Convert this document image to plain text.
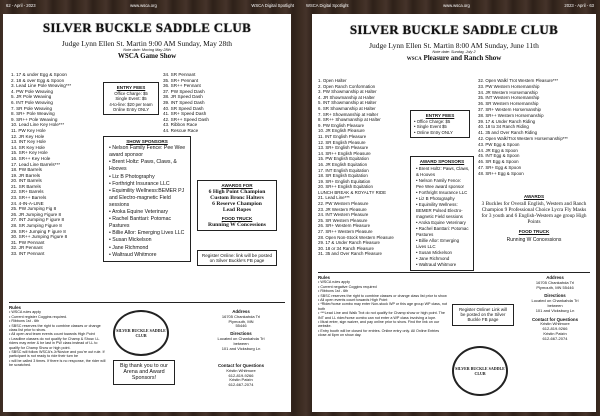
62 - April - 2023	www.wsca.org	WSCA Digital Spotlight	WSCA Digital Spotlight	www.wsca.org	2023 - April - 63
SILVER BUCKLE SADDLE CLUB
Judge Lynn Ellen St. Martin 9:00 AM Sunday, May 28th
Note date: Moving May 28th
WSCA Game Show
1. 17 & under Egg & Spoon
2. 18 & over Egg & Spoon
3. Lead Line Pole Weaving***
4. PW Pole Weaving
5. JR Pole Weaving
6. INT Pole Weaving
7. SR Pole Weaving
8. SR+ Pole Weaving
9. SR++ Pole Weaving
10. Lead Line Key Hole***
11. PW Key Hole
12. JR Key Hole
13. INT Key Hole
14. SR Key Hole
15. SR+ Key Hole
16. SR++ Key Hole
17. Lead Line Barrels***
18. PW Barrels
19. JR Barrels
20. INT Barrels
21. SR Barrels
22. SR+ Barrels
23. SR++ Barrels
24. 4-IN-A-LINE
25. PW Jumping Fig 8
26. JR Jumping Figure 8
27. INT Jumping F igure 8
28. SR Jumping Figure 8
29. SR+ Jumping F igure 8
30. SR++ Jumping Figure 8
31. PW Pennant
32. JR Pennant
33. INT Pennant
ENTRY FEES
Office Charge: $5
Single Event: $5
4-to-line: $20 per team
Online Entry ONLY
34. SR Pennant
35. SR+ Pennant
36. SR++ Pennant
37. PW Speed Dash
38. JR Speed Dash
39. INT Speed Dash
40. SR Speed Dash
41. SR+ Speed Dash
42. SR++ Speed Dash
43. Ribbon Race
44. Rescue Race
SHOW SPONSORS
• Nelson Family Fence: Pee Wee award sponsor
• Brent Holtz: Paws, Claws, & Hooves
• Liz B Photography
• Forthright Insurance LLC
• Equimility Wellness:BEMER PJ and Electro-magnetic Field sessions
• Aroka Equine Veterinary
• Rachel Banttari: Potomac Pastures
• Billie Allor: Emerging Lives LLC
• Susan Mickelson
• Jane Richmond
• Waltraud Whitmore
AWARDS FOR
6 High Point Champion
Custom Bronc Halters
6 Reserve Champion
Lead Ropes
FOOD TRUCK
Running W Concessions
Register Online: link will be posted on Silver Buckle's FB page
Rules
• WSCA rules apply
• Current register Coggins required.
• Ribbons 1st - 6th
• SBSC reserves the right to combine classes or change class list prior to show.
• All open and team events count towards High Point
• Leadline classes do not qualify for Champ & Show. LL riders may enter & be last in PW class instead of LL to qualify for Champ Show or high point.
• SBSC will follow WSCA's Jr/Novice and you're out rule. If participant is not ready to ride their turn be
• will be called 3 times. If there is no response, the rider will be scratched.
SILVER BUCKLE SADDLE CLUB
Address
16705 Chankahda Trl
Plymouth, MN
55446
Directions
Located on Chankahda Trl
between
101 and Vicksburg Ln
Big thank you to our Arena and Award Sponsors!
Contact for Questions
Kristin Whitmore
612-819-9266
Kristin Patzin
612-667-2074
SILVER BUCKLE SADDLE CLUB
Judge Lynn Ellen St. Martin 8:00 AM Sunday, June 11th
Note date: Sunday, July 2
WSCA Pleasure and Ranch Show
1. Open Halter
2. Open Ranch Conformation
3. PW Showmanship at Halter
4. JR Showmanship at Halter
5. INT Showmanship at Halter
6. SR Showmanship at Halter
7. SR+ Showmanship at Halter
8. SR++ Showmanship at Halter
9. PW English Pleasure
10. JR English Pleasure
11. INT English Pleasure
12. SR English Pleasure
13. SR+ English Pleasure
14. SR++ English Pleasure
15. PW English Equitation
16. JR English Equitation
17. INT English Equitation
18. SR English Equitation
19. SR+ English Equitation
20. SR++ English Equitation
LUNCH BREAK & ROYALTY RIDE
21. Lead Line***
22. PW Western Pleasure
23. JR Western Pleasure
24. INT Western Pleasure
25. SR Western Pleasure
26. SR+ Western Pleasure
27. SR++ Western Pleasure
28. Open Non-Stock Western Pleasure
29. 17 & Under Ranch Pleasure
30. 18 or 34 Ranch Pleasure
31. 35 and Over Ranch Pleasure
ENTRY FEES
• Office Charge: $5
• Single Event $5
• Online Entry ONLY
AWARD SPONSORS
• Brent Holtz: Paws, Claws, & Hooves
• Nelson Family Fence: Pee Wee award sponsor
• Forthright Insurance LLC
• Liz B Photography
• Equimility Wellness: BEMER Pulsed Electro-magnetic Field sessions
• Aroka Equine Veterinary
• Rachel Banttari: Potomac Pastures
• Billie Allor: Emerging Lives LLC
• Susan Mickelson
• Jane Richmond
• Waltraud Whitmore
32. Open Walk/ Trot Western Pleasure***
33. PW Western Horsemanship
34. JR Western Horsemanship
35. INT Western Horsemanship
36. SR Western Horsemanship
37. SR+ Western Horsemanship
38. SR++ Western Horsemanship
39. 17 & Under Ranch Riding
40. 18 to 34 Ranch Riding
41. 35 and Over Ranch Riding
42. Open Walk/Trot Western Horsemanship***
43. PW Egg & Spoon
44. JR Egg & Spoon
45. INT Egg & Spoon
46. SR Egg & Spoon
47. SR+ Egg & Spoon
48. SR++ Egg & Spoon
AWARDS
3 Buckles for Overall English, Western and Ranch Champion 9 Professional Choice Lycra Fly Masks for 3 youth and 6 English-Western age group High Points
FOOD TRUCK
Running W Concessions
Rules
• WSCA rules apply
• Current negative Coggins required
• Ribbons 1st - 6th
• SBSC reserves the right to combine classes or change class list prior to show
• All open events count towards High Point
• *Rider/horse combo may enter Non-stock WP or this age group WP class, not both
• ***Lead Line and Walk Trot do not qualify for Champ show or high point. The INT and LL rider/horse combo can not enter a WP class involving a lope.
• Must enter, sign waiver, and pay online prior to show. Find the link on our website.
• Entry booth will be closed for entries. Online entry only. All Online Entries close at 6pm on show day.
Register Online! Link will be posted on the Silver Buckle FB page
SILVER BUCKLE SADDLE CLUB
Address
16705 Chankahda Trl
Plymouth, MN 55446
Directions
Located on Chankahda Trl
between
101 and Vicksburg Ln
Contact for Questions
Kristin Whitmore
612-819-9266
Kristin Patzin
612-667-2074
